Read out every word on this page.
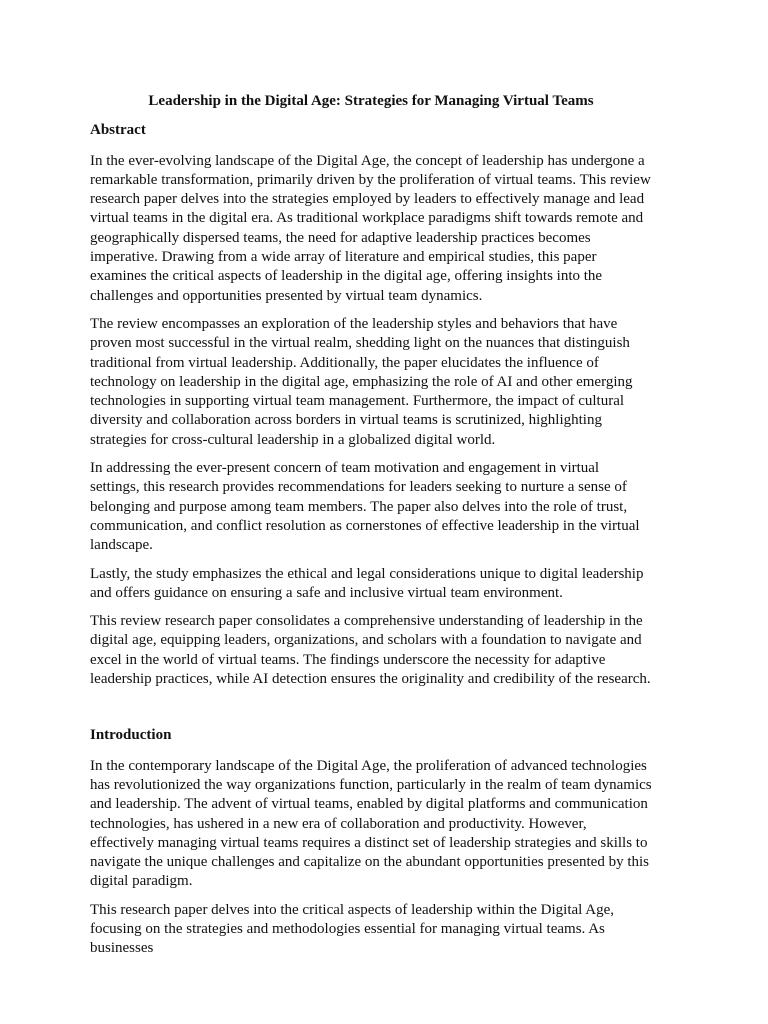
Leadership in the Digital Age: Strategies for Managing Virtual Teams
Abstract

In the ever-evolving landscape of the Digital Age, the concept of leadership has undergone a remarkable transformation, primarily driven by the proliferation of virtual teams. This review research paper delves into the strategies employed by leaders to effectively manage and lead virtual teams in the digital era. As traditional workplace paradigms shift towards remote and geographically dispersed teams, the need for adaptive leadership practices becomes imperative. Drawing from a wide array of literature and empirical studies, this paper examines the critical aspects of leadership in the digital age, offering insights into the challenges and opportunities presented by virtual team dynamics.

The review encompasses an exploration of the leadership styles and behaviors that have proven most successful in the virtual realm, shedding light on the nuances that distinguish traditional from virtual leadership. Additionally, the paper elucidates the influence of technology on leadership in the digital age, emphasizing the role of AI and other emerging technologies in supporting virtual team management. Furthermore, the impact of cultural diversity and collaboration across borders in virtual teams is scrutinized, highlighting strategies for cross-cultural leadership in a globalized digital world.

In addressing the ever-present concern of team motivation and engagement in virtual settings, this research provides recommendations for leaders seeking to nurture a sense of belonging and purpose among team members. The paper also delves into the role of trust, communication, and conflict resolution as cornerstones of effective leadership in the virtual landscape.

Lastly, the study emphasizes the ethical and legal considerations unique to digital leadership and offers guidance on ensuring a safe and inclusive virtual team environment.

This review research paper consolidates a comprehensive understanding of leadership in the digital age, equipping leaders, organizations, and scholars with a foundation to navigate and excel in the world of virtual teams. The findings underscore the necessity for adaptive leadership practices, while AI detection ensures the originality and credibility of the research.

Introduction

In the contemporary landscape of the Digital Age, the proliferation of advanced technologies has revolutionized the way organizations function, particularly in the realm of team dynamics and leadership. The advent of virtual teams, enabled by digital platforms and communication technologies, has ushered in a new era of collaboration and productivity. However, effectively managing virtual teams requires a distinct set of leadership strategies and skills to navigate the unique challenges and capitalize on the abundant opportunities presented by this digital paradigm.

This research paper delves into the critical aspects of leadership within the Digital Age, focusing on the strategies and methodologies essential for managing virtual teams. As businesses
